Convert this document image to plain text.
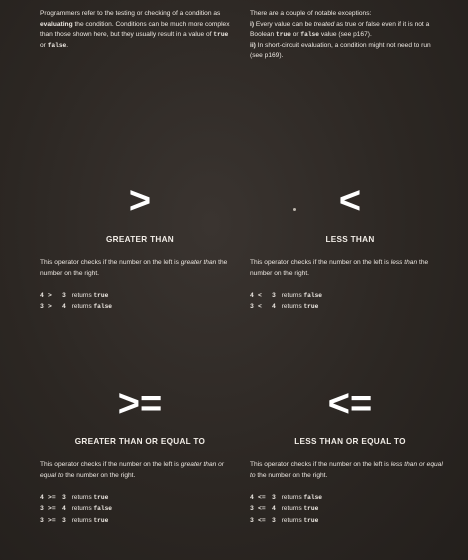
Programmers refer to the testing or checking of a condition as evaluating the condition. Conditions can be much more complex than those shown here, but they usually result in a value of true or false.
There are a couple of notable exceptions:
i) Every value can be treated as true or false even if it is not a Boolean true or false value (see p167).
ii) In short-circuit evaluation, a condition might not need to run (see p169).
>
GREATER THAN
This operator checks if the number on the left is greater than the number on the right.
4 > 3 returns true
3 > 4 returns false
<
LESS THAN
This operator checks if the number on the left is less than the number on the right.
4 < 3 returns false
3 < 4 returns true
>=
GREATER THAN OR EQUAL TO
This operator checks if the number on the left is greater than or equal to the number on the right.
4 >= 3 returns true
3 >= 4 returns false
3 >= 3 returns true
<=
LESS THAN OR EQUAL TO
This operator checks if the number on the left is less than or equal to the number on the right.
4 <= 3 returns false
3 <= 4 returns true
3 <= 3 returns true
